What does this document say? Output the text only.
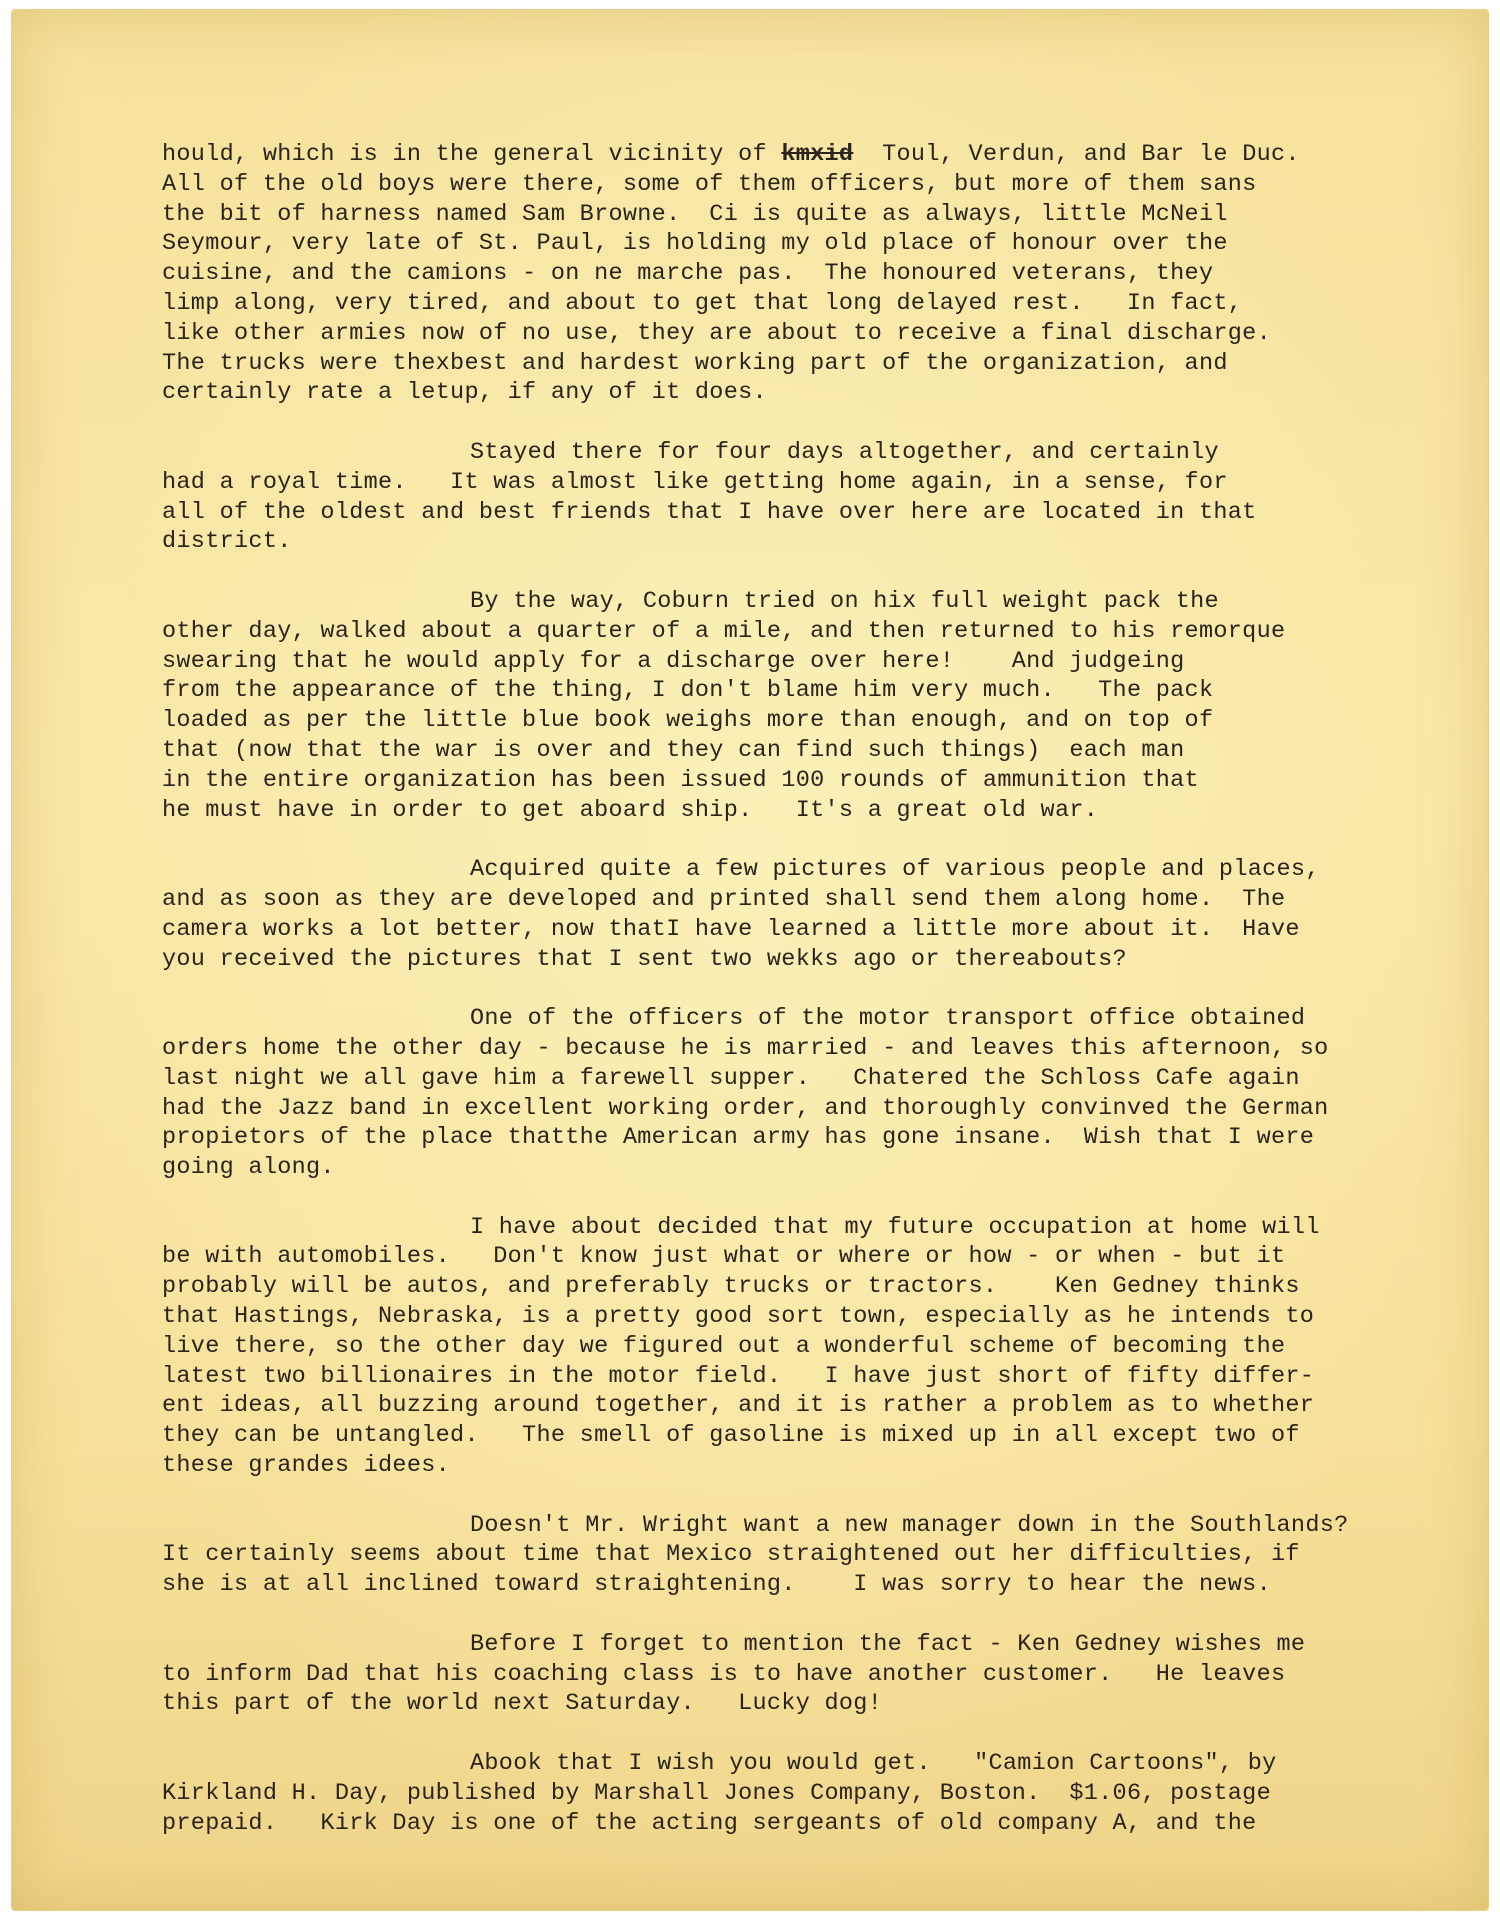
hould, which is in the general vicinity of kmxid  Toul, Verdun, and Bar le Duc.
All of the old boys were there, some of them officers, but more of them sans
the bit of harness named Sam Browne.  Ci is quite as always, little McNeil
Seymour, very late of St. Paul, is holding my old place of honour over the
cuisine, and the camions - on ne marche pas.  The honoured veterans, they
limp along, very tired, and about to get that long delayed rest.   In fact,
like other armies now of no use, they are about to receive a final discharge.
The trucks were thexbest and hardest working part of the organization, and
certainly rate a letup, if any of it does.
Stayed there for four days altogether, and certainly
had a royal time.   It was almost like getting home again, in a sense, for
all of the oldest and best friends that I have over here are located in that
district.
By the way, Coburn tried on hix full weight pack the
other day, walked about a quarter of a mile, and then returned to his remorque
swearing that he would apply for a discharge over here!    And judgeing
from the appearance of the thing, I don't blame him very much.   The pack
loaded as per the little blue book weighs more than enough, and on top of
that (now that the war is over and they can find such things)  each man
in the entire organization has been issued 100 rounds of ammunition that
he must have in order to get aboard ship.   It's a great old war.
Acquired quite a few pictures of various people and places,
and as soon as they are developed and printed shall send them along home.  The
camera works a lot better, now thatI have learned a little more about it.  Have
you received the pictures that I sent two wekks ago or thereabouts?
One of the officers of the motor transport office obtained
orders home the other day - because he is married - and leaves this afternoon, so
last night we all gave him a farewell supper.   Chatered the Schloss Cafe again
had the Jazz band in excellent working order, and thoroughly convinved the German
propietors of the place thatthe American army has gone insane.  Wish that I were
going along.
I have about decided that my future occupation at home will
be with automobiles.   Don't know just what or where or how - or when - but it
probably will be autos, and preferably trucks or tractors.    Ken Gedney thinks
that Hastings, Nebraska, is a pretty good sort town, especially as he intends to
live there, so the other day we figured out a wonderful scheme of becoming the
latest two billionaires in the motor field.   I have just short of fifty differ-
ent ideas, all buzzing around together, and it is rather a problem as to whether
they can be untangled.   The smell of gasoline is mixed up in all except two of
these grandes idees.
Doesn't Mr. Wright want a new manager down in the Southlands?
It certainly seems about time that Mexico straightened out her difficulties, if
she is at all inclined toward straightening.    I was sorry to hear the news.
Before I forget to mention the fact - Ken Gedney wishes me
to inform Dad that his coaching class is to have another customer.   He leaves
this part of the world next Saturday.   Lucky dog!
Abook that I wish you would get.   "Camion Cartoons", by
Kirkland H. Day, published by Marshall Jones Company, Boston.  $1.06, postage
prepaid.   Kirk Day is one of the acting sergeants of old company A, and the
